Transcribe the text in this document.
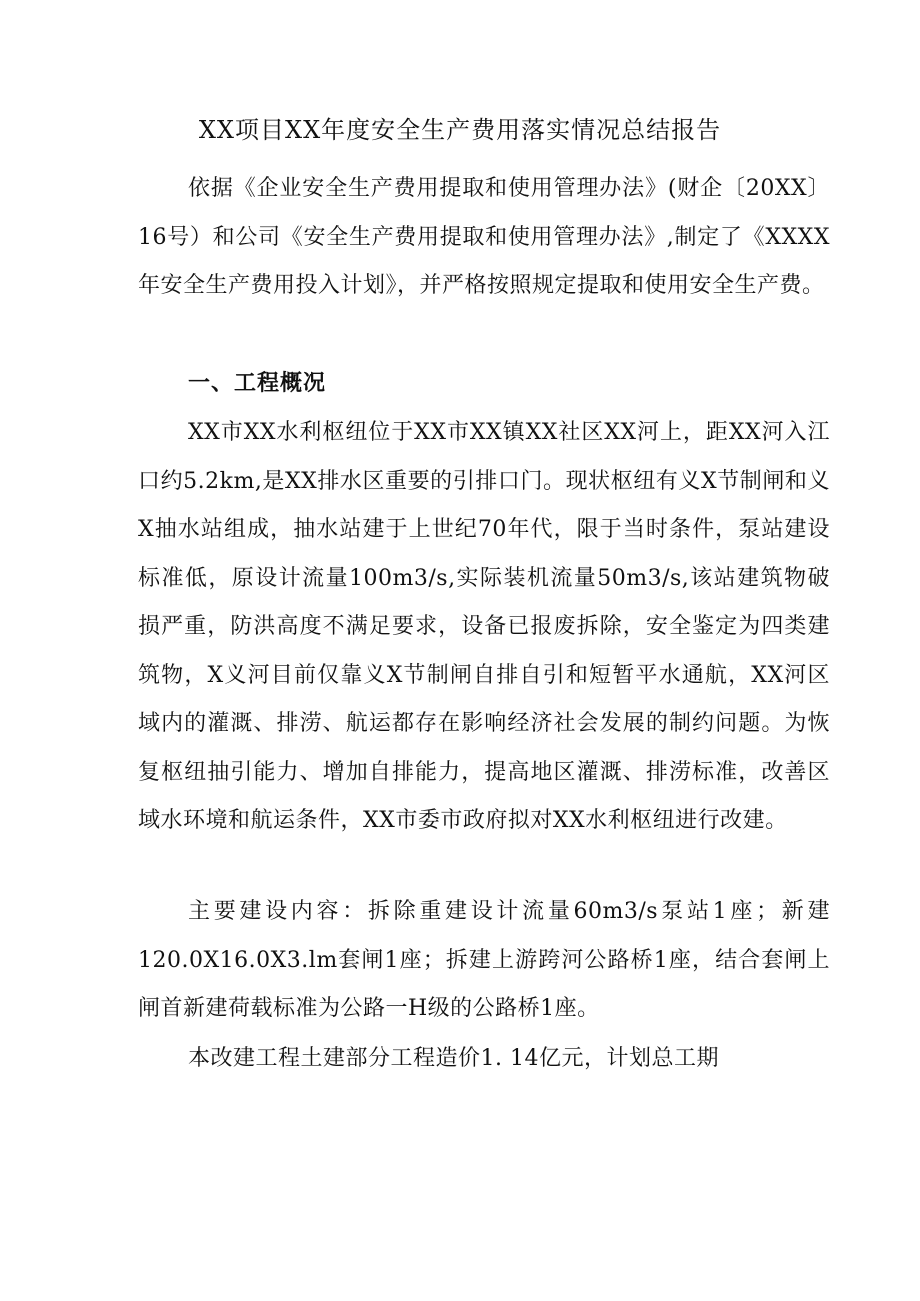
XX项目XX年度安全生产费用落实情况总结报告

依据《企业安全生产费用提取和使用管理办法》(财企〔20XX〕16号）和公司《安全生产费用提取和使用管理办法》,制定了《XXXX年安全生产费用投入计划》，并严格按照规定提取和使用安全生产费。

一、工程概况

XX市XX水利枢纽位于XX市XX镇XX社区XX河上，距XX河入江口约5.2km,是XX排水区重要的引排口门。现状枢纽有义X节制闸和义X抽水站组成，抽水站建于上世纪70年代，限于当时条件，泵站建设标准低，原设计流量100m3/s,实际装机流量50m3/s,该站建筑物破损严重，防洪高度不满足要求，设备已报废拆除，安全鉴定为四类建筑物，X义河目前仅靠义X节制闸自排自引和短暂平水通航，XX河区域内的灌溉、排涝、航运都存在影响经济社会发展的制约问题。为恢复枢纽抽引能力、增加自排能力，提高地区灌溉、排涝标准，改善区域水环境和航运条件，XX市委市政府拟对XX水利枢纽进行改建。

主要建设内容：拆除重建设计流量60m3/s泵站1座；新建120.0X16.0X3.lm套闸1座；拆建上游跨河公路桥1座，结合套闸上闸首新建荷载标准为公路一H级的公路桥1座。

本改建工程土建部分工程造价1. 14亿元，计划总工期
